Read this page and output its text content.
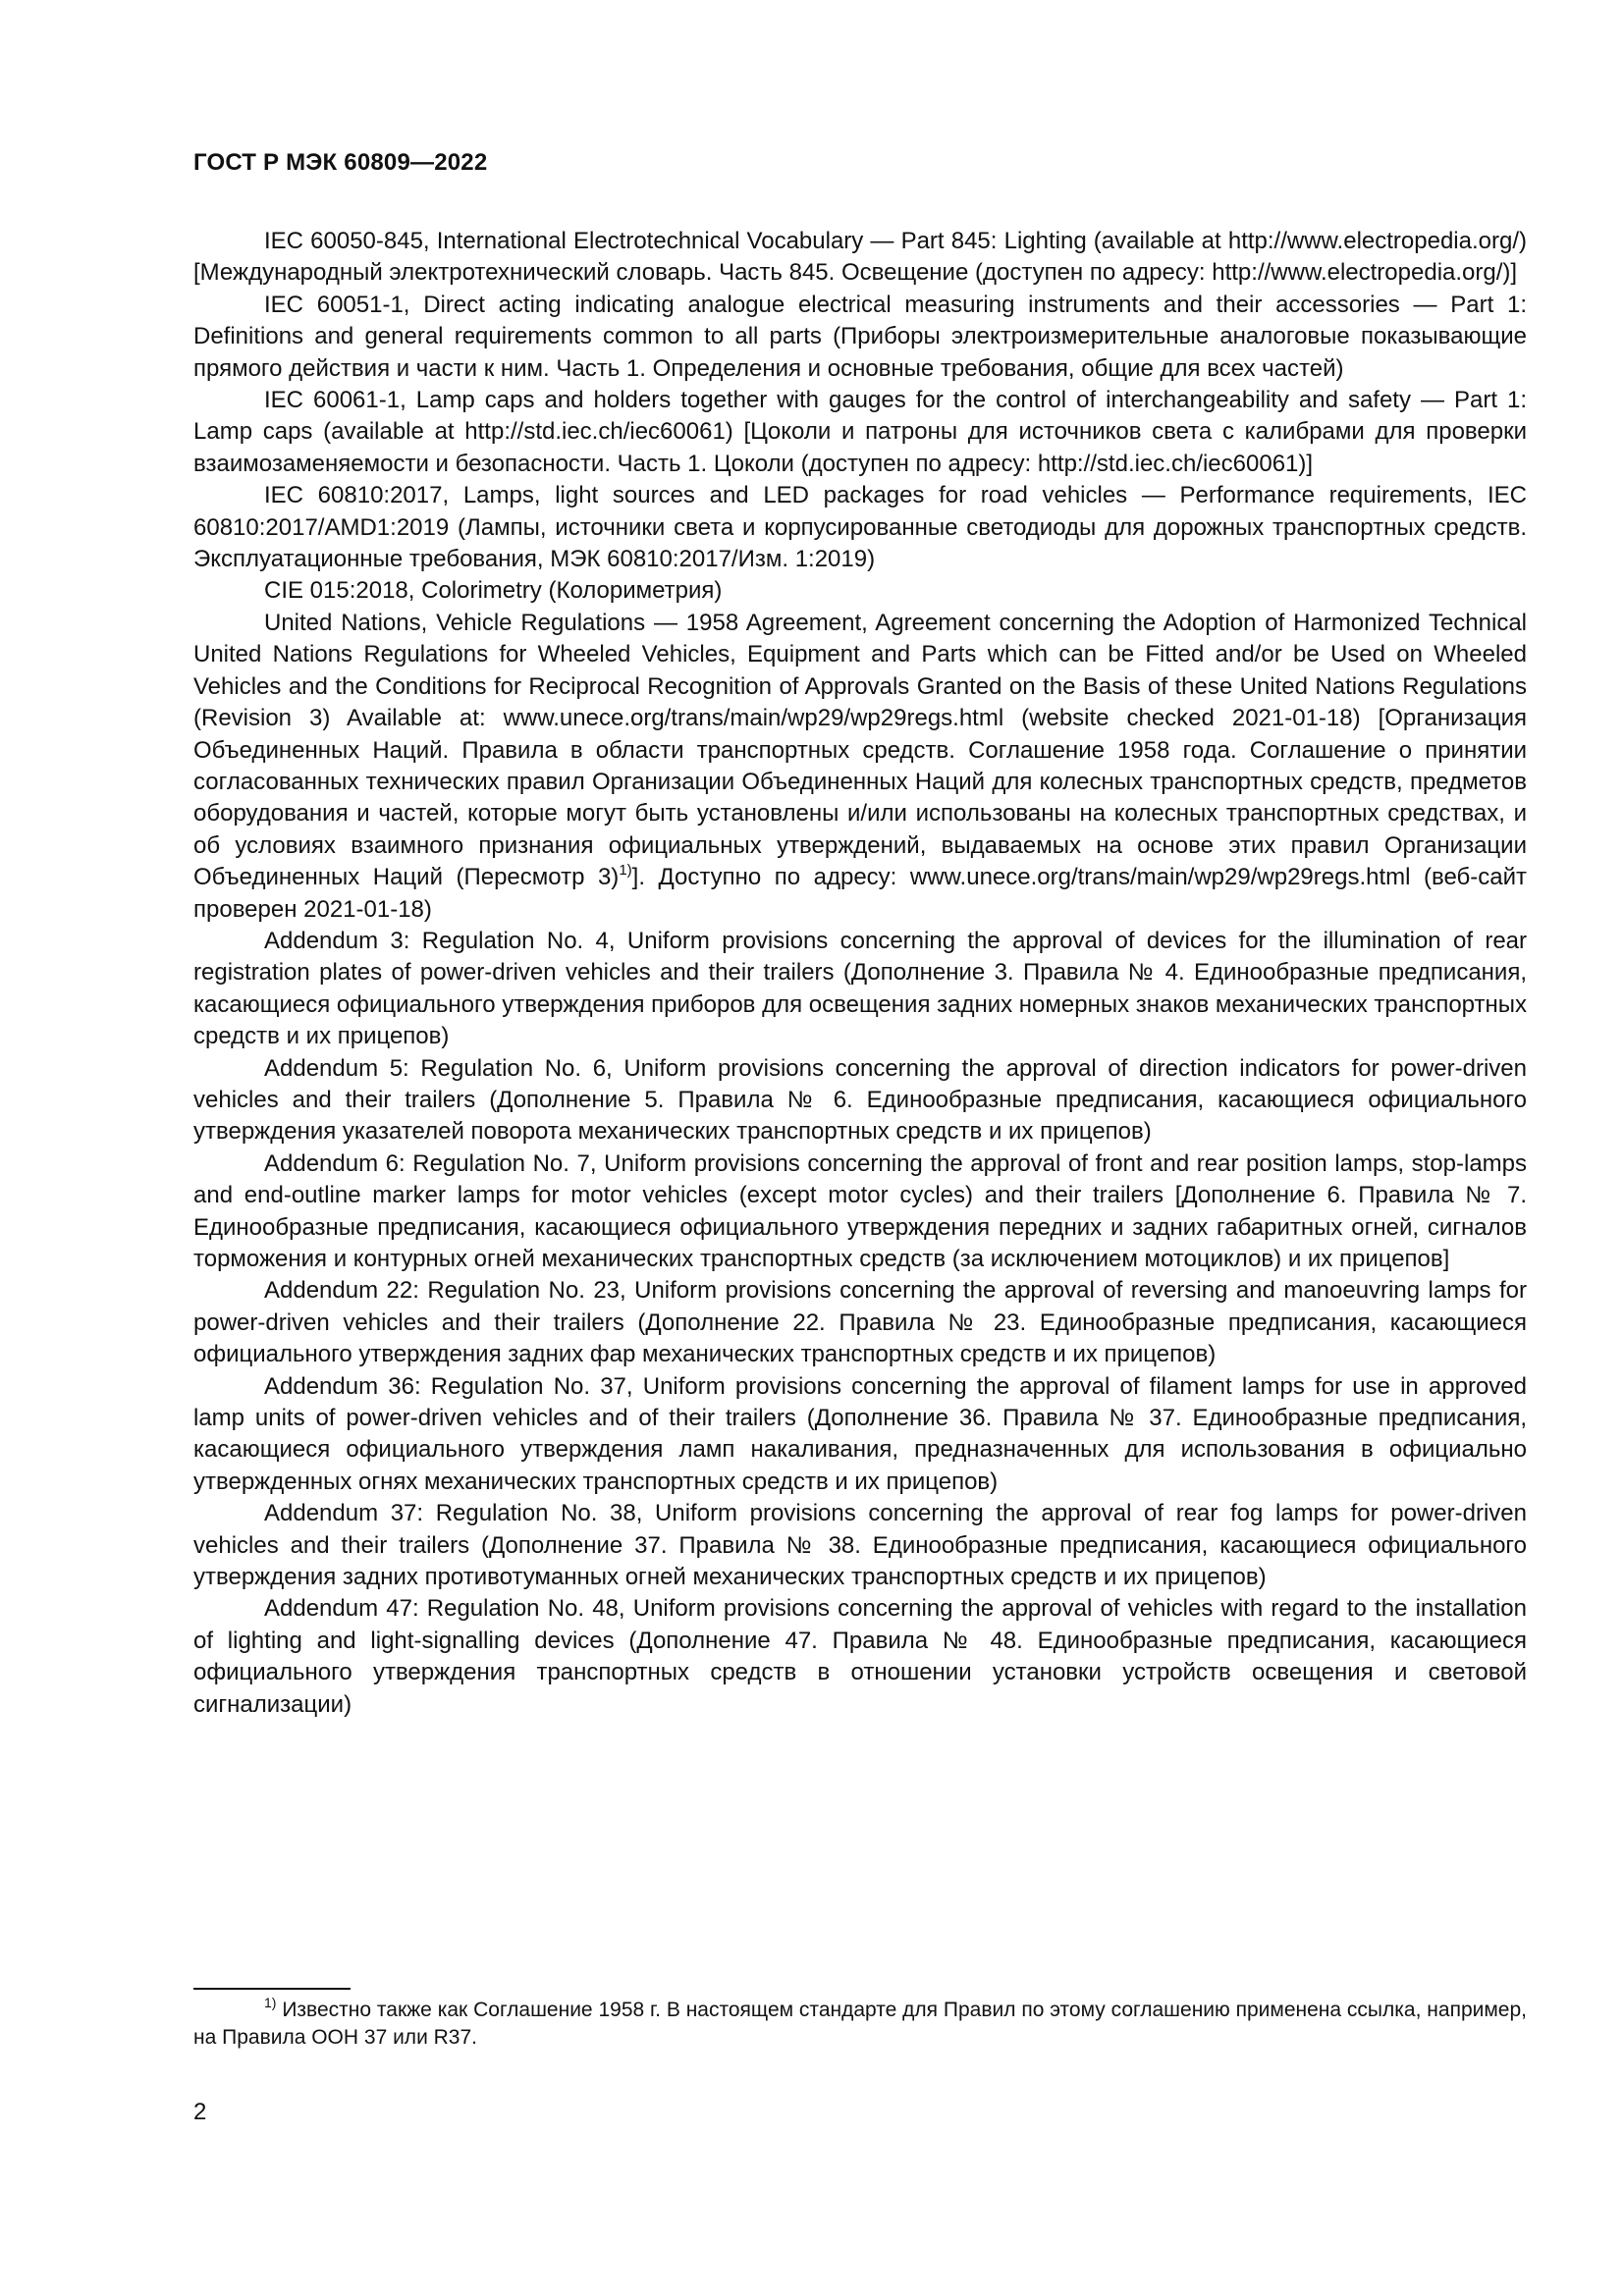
ГОСТ Р МЭК 60809—2022

IEC 60050-845, International Electrotechnical Vocabulary — Part 845: Lighting (available at http://www.electropedia.org/) [Международный электротехнический словарь. Часть 845. Освещение (доступен по адресу: http://www.electropedia.org/)]

IEC 60051-1, Direct acting indicating analogue electrical measuring instruments and their accessories — Part 1: Definitions and general requirements common to all parts (Приборы электроизмерительные аналоговые показывающие прямого действия и части к ним. Часть 1. Определения и основные требования, общие для всех частей)

IEC 60061-1, Lamp caps and holders together with gauges for the control of interchangeability and safety — Part 1: Lamp caps (available at http://std.iec.ch/iec60061) [Цоколи и патроны для источников света с калибрами для проверки взаимозаменяемости и безопасности. Часть 1. Цоколи (доступен по адресу: http://std.iec.ch/iec60061)]

IEC 60810:2017, Lamps, light sources and LED packages for road vehicles — Performance requirements, IEC 60810:2017/AMD1:2019 (Лампы, источники света и корпусированные светодиоды для дорожных транспортных средств. Эксплуатационные требования, МЭК 60810:2017/Изм. 1:2019)

CIE 015:2018, Colorimetry (Колориметрия)

United Nations, Vehicle Regulations — 1958 Agreement, Agreement concerning the Adoption of Harmonized Technical United Nations Regulations for Wheeled Vehicles, Equipment and Parts which can be Fitted and/or be Used on Wheeled Vehicles and the Conditions for Reciprocal Recognition of Approvals Granted on the Basis of these United Nations Regulations (Revision 3) Available at: www.unece.org/trans/main/wp29/wp29regs.html (website checked 2021-01-18) [Организация Объединенных Наций. Правила в области транспортных средств. Соглашение 1958 года. Соглашение о принятии согласованных технических правил Организации Объединенных Наций для колесных транспортных средств, предметов оборудования и частей, которые могут быть установлены и/или использованы на колесных транспортных средствах, и об условиях взаимного признания официальных утверждений, выдаваемых на основе этих правил Организации Объединенных Наций (Пересмотр 3)$^{1)}$]. Доступно по адресу: www.unece.org/trans/main/wp29/wp29regs.html (веб-сайт проверен 2021-01-18)

Addendum 3: Regulation No. 4, Uniform provisions concerning the approval of devices for the illumination of rear registration plates of power-driven vehicles and their trailers (Дополнение 3. Правила № 4. Единообразные предписания, касающиеся официального утверждения приборов для освещения задних номерных знаков механических транспортных средств и их прицепов)

Addendum 5: Regulation No. 6, Uniform provisions concerning the approval of direction indicators for power-driven vehicles and their trailers (Дополнение 5. Правила № 6. Единообразные предписания, касающиеся официального утверждения указателей поворота механических транспортных средств и их прицепов)

Addendum 6: Regulation No. 7, Uniform provisions concerning the approval of front and rear position lamps, stop-lamps and end-outline marker lamps for motor vehicles (except motor cycles) and their trailers [Дополнение 6. Правила № 7. Единообразные предписания, касающиеся официального утверждения передних и задних габаритных огней, сигналов торможения и контурных огней механических транспортных средств (за исключением мотоциклов) и их прицепов]

Addendum 22: Regulation No. 23, Uniform provisions concerning the approval of reversing and manoeuvring lamps for power-driven vehicles and their trailers (Дополнение 22. Правила № 23. Единообразные предписания, касающиеся официального утверждения задних фар механических транспортных средств и их прицепов)

Addendum 36: Regulation No. 37, Uniform provisions concerning the approval of filament lamps for use in approved lamp units of power-driven vehicles and of their trailers (Дополнение 36. Правила № 37. Единообразные предписания, касающиеся официального утверждения ламп накаливания, предназначенных для использования в официально утвержденных огнях механических транспортных средств и их прицепов)

Addendum 37: Regulation No. 38, Uniform provisions concerning the approval of rear fog lamps for power-driven vehicles and their trailers (Дополнение 37. Правила № 38. Единообразные предписания, касающиеся официального утверждения задних противотуманных огней механических транспортных средств и их прицепов)

Addendum 47: Regulation No. 48, Uniform provisions concerning the approval of vehicles with regard to the installation of lighting and light-signalling devices (Дополнение 47. Правила № 48. Единообразные предписания, касающиеся официального утверждения транспортных средств в отношении установки устройств освещения и световой сигнализации)

$^{1)}$ Известно также как Соглашение 1958 г. В настоящем стандарте для Правил по этому соглашению применена ссылка, например, на Правила ООН 37 или R37.

2
